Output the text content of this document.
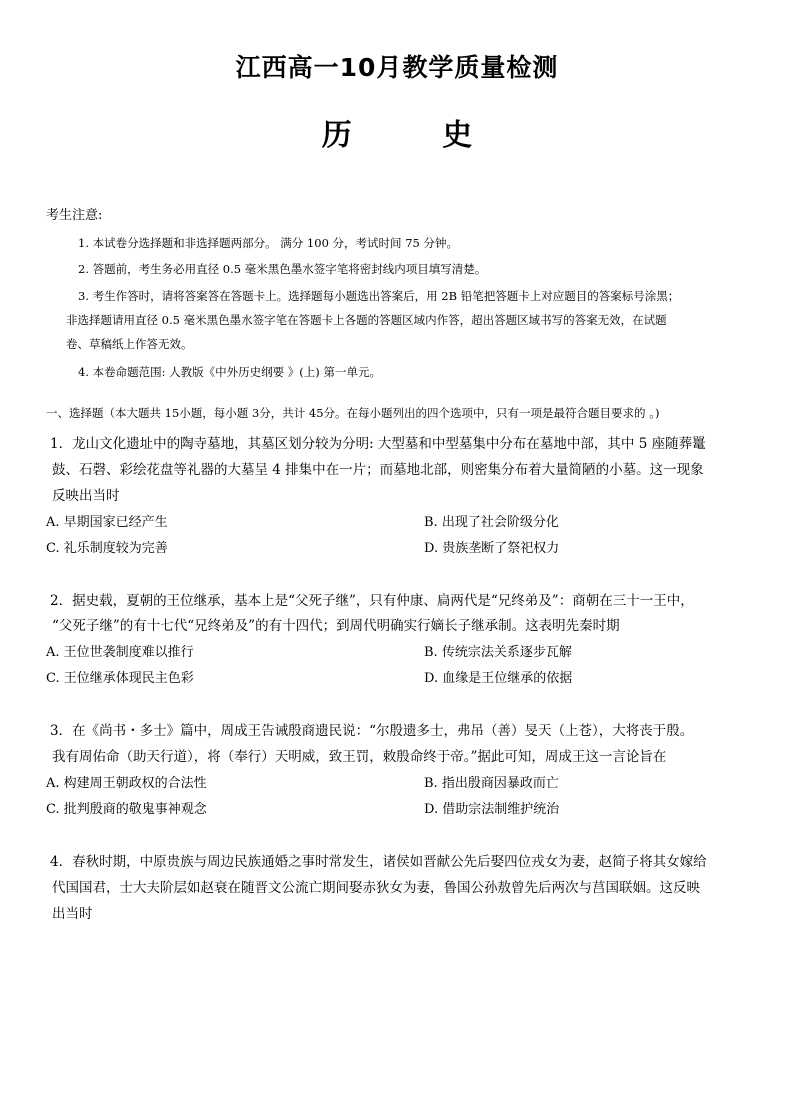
江西高一10月教学质量检测
历 史
考生注意:
1. 本试卷分选择题和非选择题两部分。 满分 100 分，考试时间 75 分钟。
2. 答题前，考生务必用直径 0.5 毫米黑色墨水签字笔将密封线内项目填写清楚。
3. 考生作答时，请将答案答在答题卡上。选择题每小题选出答案后，用 2B 铅笔把答题卡上对应题目的答案标号涂黑；
非选择题请用直径 0.5 毫米黑色墨水签字笔在答题卡上各题的答题区域内作答，超出答题区域书写的答案无效，在试题
卷、草稿纸上作答无效。
4. 本卷命题范围: 人教版《中外历史纲要 》(上) 第一单元。
一、选择题（本大题共 15小题，每小题 3分，共计 45分。在每小题列出的四个选项中，只有一项是最符合题目要求的 。)
1．龙山文化遗址中的陶寺墓地，其墓区划分较为分明: 大型墓和中型墓集中分布在墓地中部，其中 5 座随葬鼍
鼓、石磬、彩绘花盘等礼器的大墓呈 4 排集中在一片；而墓地北部，则密集分布着大量简陋的小墓。这一现象
反映出当时
A. 早期国家已经产生	B. 出现了社会阶级分化
C. 礼乐制度较为完善	D. 贵族垄断了祭祀权力
2．据史载，夏朝的王位继承，基本上是“父死子继”，只有仲康、扃两代是“兄终弟及”：商朝在三十一王中，
“父死子继”的有十七代“兄终弟及”的有十四代；到周代明确实行嫡长子继承制。这表明先秦时期
A. 王位世袭制度难以推行	B. 传统宗法关系逐步瓦解
C. 王位继承体现民主色彩	D. 血缘是王位继承的依据
3．在《尚书・多士》篇中，周成王告诫殷商遗民说：“尔殷遗多士，弗吊（善）旻天（上苍），大将丧于殷。
我有周佑命（助天行道），将（奉行）天明威，致王罚，敕殷命终于帝。”据此可知，周成王这一言论旨在
A. 构建周王朝政权的合法性	B. 指出殷商因暴政而亡
C. 批判殷商的敬鬼事神观念	D. 借助宗法制维护统治
4．春秋时期，中原贵族与周边民族通婚之事时常发生，诸侯如晋献公先后娶四位戎女为妻，赵简子将其女嫁给
代国国君，士大夫阶层如赵衰在随晋文公流亡期间娶赤狄女为妻，鲁国公孙敖曾先后两次与莒国联姻。这反映
出当时
